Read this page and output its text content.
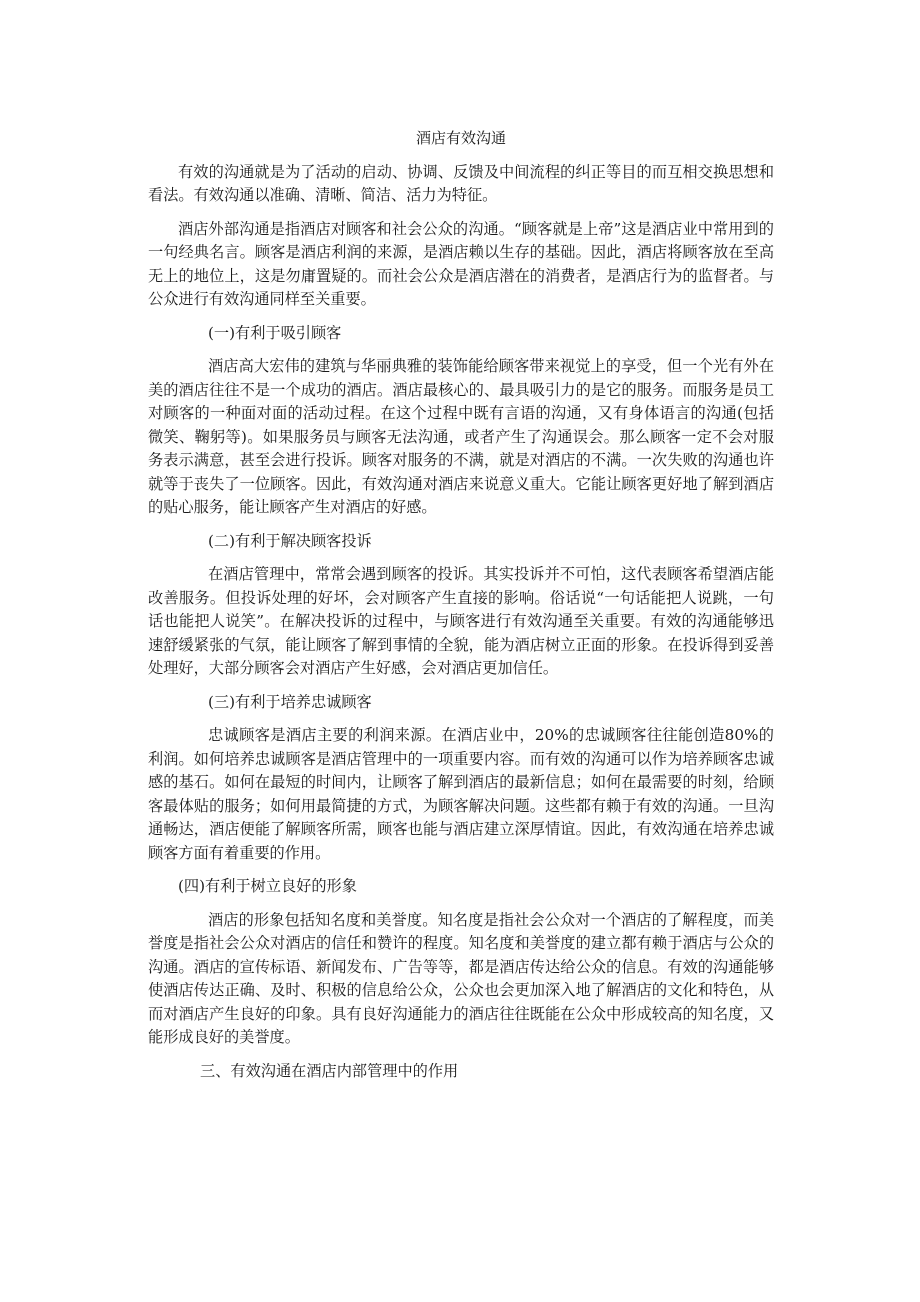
酒店有效沟通

有效的沟通就是为了活动的启动、协调、反馈及中间流程的纠正等目的而互相交换思想和看法。有效沟通以准确、清晰、简洁、活力为特征。

酒店外部沟通是指酒店对顾客和社会公众的沟通。“顾客就是上帝”这是酒店业中常用到的一句经典名言。顾客是酒店利润的来源，是酒店赖以生存的基础。因此，酒店将顾客放在至高无上的地位上，这是勿庸置疑的。而社会公众是酒店潜在的消费者，是酒店行为的监督者。与公众进行有效沟通同样至关重要。

(一)有利于吸引顾客

酒店高大宏伟的建筑与华丽典雅的装饰能给顾客带来视觉上的享受，但一个光有外在美的酒店往往不是一个成功的酒店。酒店最核心的、最具吸引力的是它的服务。而服务是员工对顾客的一种面对面的活动过程。在这个过程中既有言语的沟通，又有身体语言的沟通(包括微笑、鞠躬等)。如果服务员与顾客无法沟通，或者产生了沟通误会。那么顾客一定不会对服务表示满意，甚至会进行投诉。顾客对服务的不满，就是对酒店的不满。一次失败的沟通也许就等于丧失了一位顾客。因此，有效沟通对酒店来说意义重大。它能让顾客更好地了解到酒店的贴心服务，能让顾客产生对酒店的好感。

(二)有利于解决顾客投诉

在酒店管理中，常常会遇到顾客的投诉。其实投诉并不可怕，这代表顾客希望酒店能改善服务。但投诉处理的好坏，会对顾客产生直接的影响。俗话说“一句话能把人说跳，一句话也能把人说笑”。在解决投诉的过程中，与顾客进行有效沟通至关重要。有效的沟通能够迅速舒缓紧张的气氛，能让顾客了解到事情的全貌，能为酒店树立正面的形象。在投诉得到妥善处理好，大部分顾客会对酒店产生好感，会对酒店更加信任。

(三)有利于培养忠诚顾客

忠诚顾客是酒店主要的利润来源。在酒店业中，20%的忠诚顾客往往能创造80%的利润。如何培养忠诚顾客是酒店管理中的一项重要内容。而有效的沟通可以作为培养顾客忠诚感的基石。如何在最短的时间内，让顾客了解到酒店的最新信息；如何在最需要的时刻，给顾客最体贴的服务；如何用最简捷的方式，为顾客解决问题。这些都有赖于有效的沟通。一旦沟通畅达，酒店便能了解顾客所需，顾客也能与酒店建立深厚情谊。因此，有效沟通在培养忠诚顾客方面有着重要的作用。

(四)有利于树立良好的形象

酒店的形象包括知名度和美誉度。知名度是指社会公众对一个酒店的了解程度，而美誉度是指社会公众对酒店的信任和赞许的程度。知名度和美誉度的建立都有赖于酒店与公众的沟通。酒店的宣传标语、新闻发布、广告等等，都是酒店传达给公众的信息。有效的沟通能够使酒店传达正确、及时、积极的信息给公众，公众也会更加深入地了解酒店的文化和特色，从而对酒店产生良好的印象。具有良好沟通能力的酒店往往既能在公众中形成较高的知名度，又能形成良好的美誉度。

三、有效沟通在酒店内部管理中的作用
